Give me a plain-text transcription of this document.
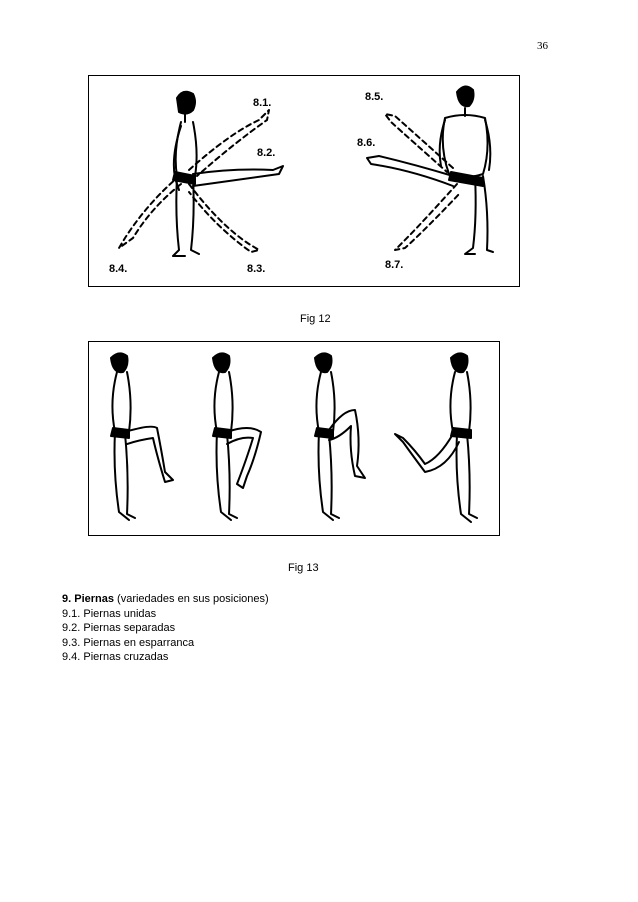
36
8.1.
8.2.
8.3.
8.4.
8.5.
8.6.
8.7.
Fig 12
Fig 13
9. Piernas (variedades en sus posiciones)
9.1. Piernas unidas
9.2. Piernas separadas
9.3. Piernas en esparranca
9.4. Piernas cruzadas
